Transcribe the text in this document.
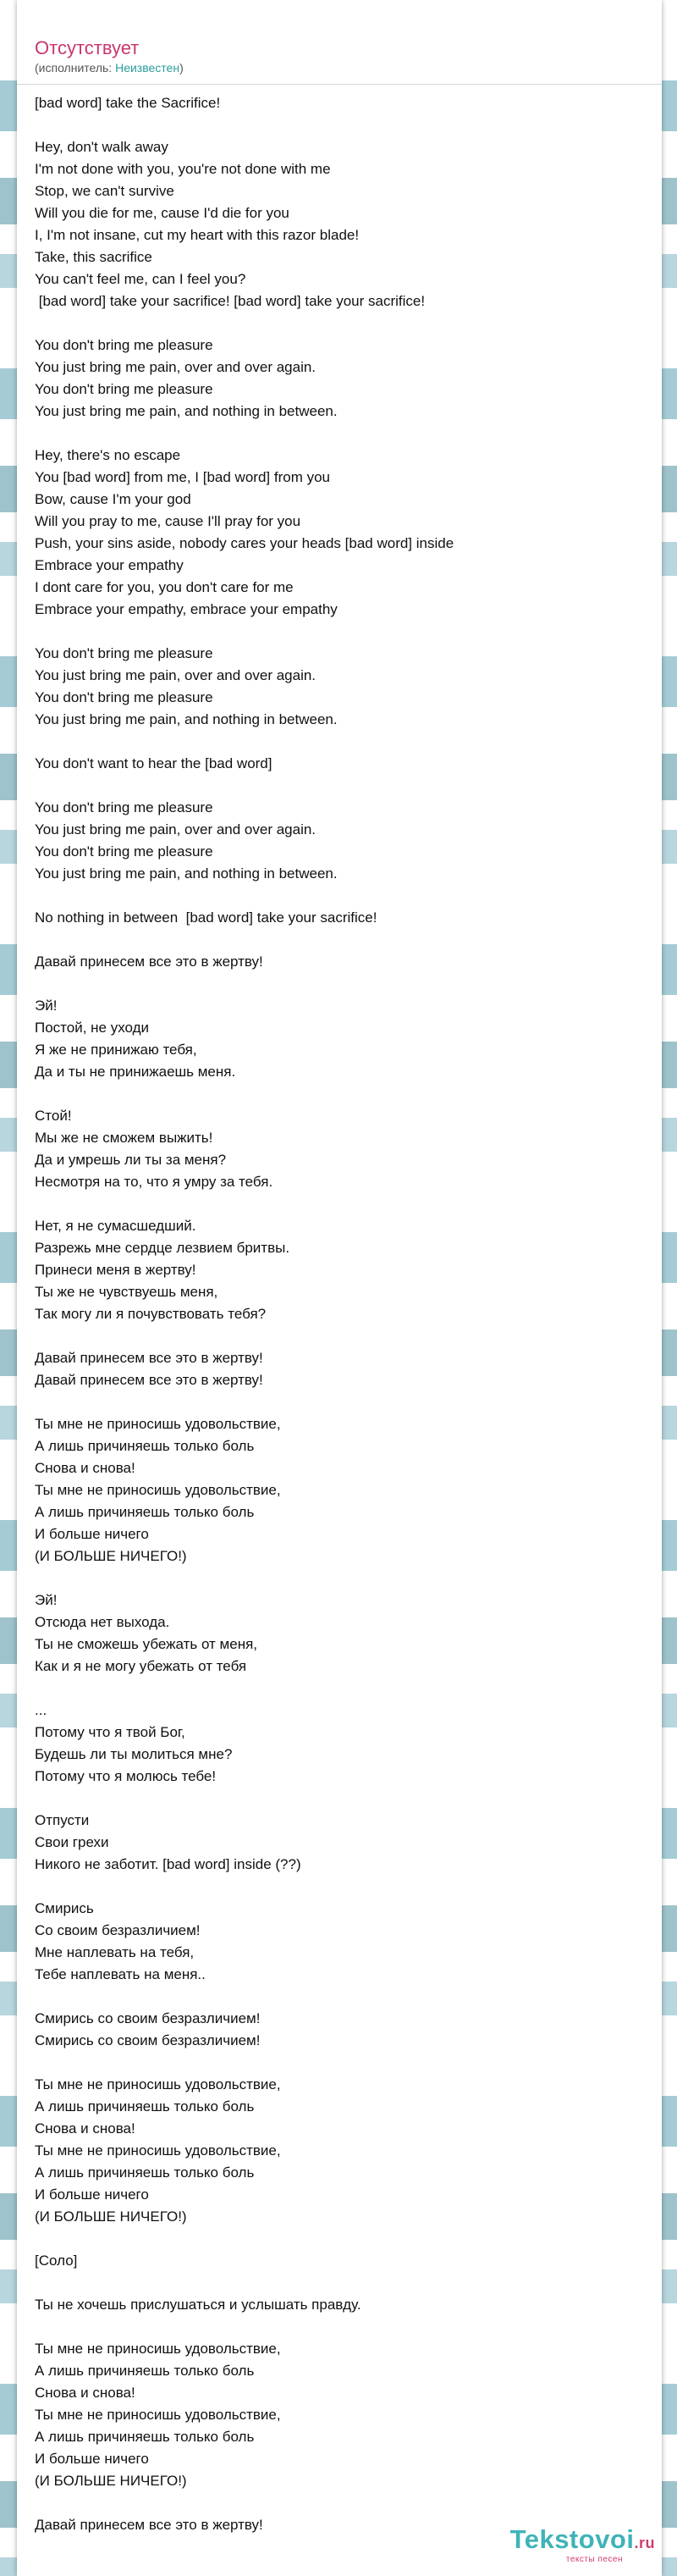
Отсутствует
(исполнитель: Неизвестен)
[bad word] take the Sacrifice!
Hey, don't walk away
I'm not done with you, you're not done with me
Stop, we can't survive
Will you die for me, cause I'd die for you
I, I'm not insane, cut my heart with this razor blade!
Take, this sacrifice
You can't feel me, can I feel you?
[bad word] take your sacrifice! [bad word] take your sacrifice!
You don't bring me pleasure
You just bring me pain, over and over again.
You don't bring me pleasure
You just bring me pain, and nothing in between.
Hey, there's no escape
You [bad word] from me, I [bad word] from you
Bow, cause I'm your god
Will you pray to me, cause I'll pray for you
Push, your sins aside, nobody cares your heads [bad word] inside
Embrace your empathy
I dont care for you, you don't care for me
Embrace your empathy, embrace your empathy
You don't bring me pleasure
You just bring me pain, over and over again.
You don't bring me pleasure
You just bring me pain, and nothing in between.
You don't want to hear the [bad word]
You don't bring me pleasure
You just bring me pain, over and over again.
You don't bring me pleasure
You just bring me pain, and nothing in between.
No nothing in between  [bad word] take your sacrifice!
Давай принесем все это в жертву!
Эй!
Постой, не уходи
Я же не принижаю тебя,
Да и ты не принижаешь меня.
Стой!
Мы же не сможем выжить!
Да и умрешь ли ты за меня?
Несмотря на то, что я умру за тебя.
Нет, я не сумасшедший.
Разрежь мне сердце лезвием бритвы.
Принеси меня в жертву!
Ты же не чувствуешь меня,
Так могу ли я почувствовать тебя?
Давай принесем все это в жертву!
Давай принесем все это в жертву!
Ты мне не приносишь удовольствие,
А лишь причиняешь только боль
Снова и снова!
Ты мне не приносишь удовольствие,
А лишь причиняешь только боль
И больше ничего
(И БОЛЬШЕ НИЧЕГО!)
Эй!
Отсюда нет выхода.
Ты не сможешь убежать от меня,
Как и я не могу убежать от тебя
...
Потому что я твой Бог,
Будешь ли ты молиться мне?
Потому что я молюсь тебе!
Отпусти
Свои грехи
Никого не заботит. [bad word] inside (??)
Смирись
Со своим безразличием!
Мне наплевать на тебя,
Тебе наплевать на меня..
Смирись со своим безразличием!
Смирись со своим безразличием!
Ты мне не приносишь удовольствие,
А лишь причиняешь только боль
Снова и снова!
Ты мне не приносишь удовольствие,
А лишь причиняешь только боль
И больше ничего
(И БОЛЬШЕ НИЧЕГО!)
[Соло]
Ты не хочешь прислушаться и услышать правду.
Ты мне не приносишь удовольствие,
А лишь причиняешь только боль
Снова и снова!
Ты мне не приносишь удовольствие,
А лишь причиняешь только боль
И больше ничего
(И БОЛЬШЕ НИЧЕГО!)
Давай принесем все это в жертву!	Tekstovoi.ru
тексты песен
